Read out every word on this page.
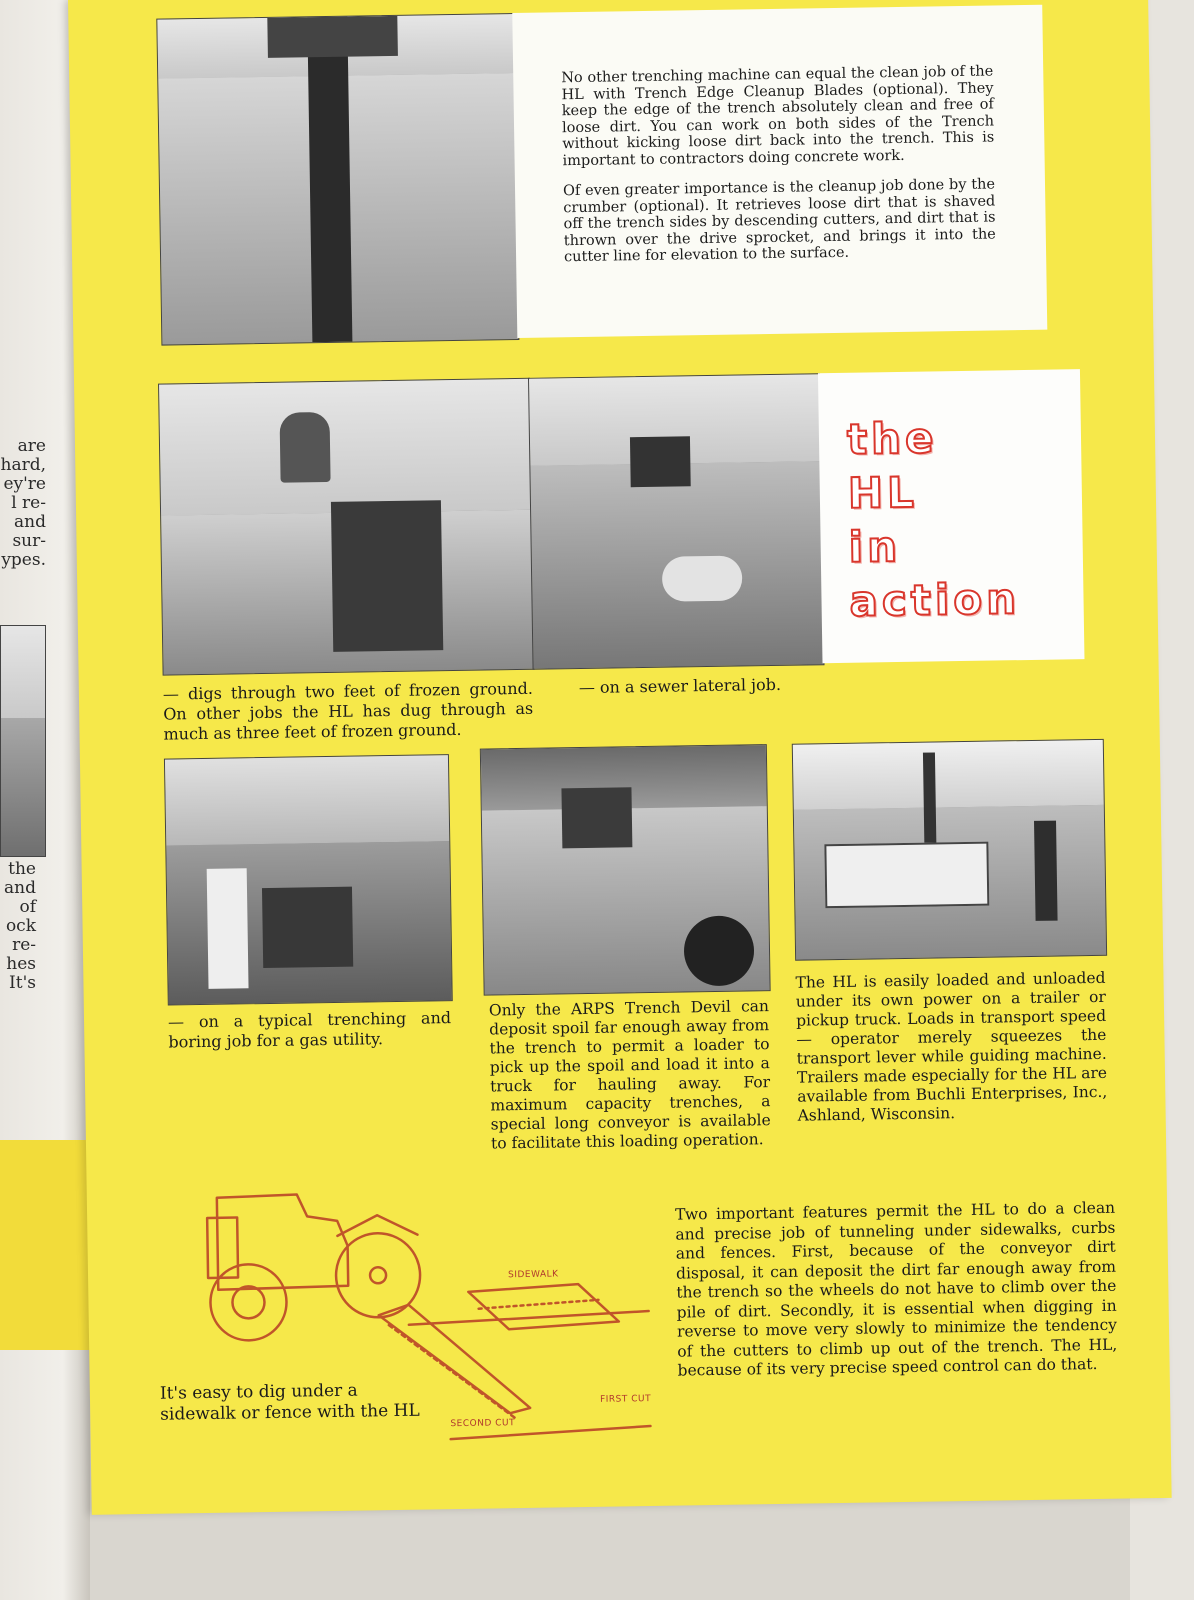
are
hard,
ey're
l re-
and
sur-
ypes.
the
and
of
ock
re-
hes
It's

No other trenching machine can equal the clean job of the HL with Trench Edge Cleanup Blades (optional). They keep the edge of the trench absolutely clean and free of loose dirt. You can work on both sides of the Trench without kicking loose dirt back into the trench. This is important to contractors doing concrete work.

Of even greater importance is the cleanup job done by the crumber (optional). It retrieves loose dirt that is shaved off the trench sides by descending cutters, and dirt that is thrown over the drive sprocket, and brings it into the cutter line for elevation to the surface.

the
HL
in
action
— digs through two feet of frozen ground. On other jobs the HL has dug through as much as three feet of frozen ground.
— on a sewer lateral job.
— on a typical trenching and boring job for a gas utility.
Only the ARPS Trench Devil can deposit spoil far enough away from the trench to permit a loader to pick up the spoil and load it into a truck for hauling away. For maximum capacity trenches, a special long conveyor is available to facilitate this loading operation.
The HL is easily loaded and unloaded under its own power on a trailer or pickup truck. Loads in transport speed — operator merely squeezes the transport lever while guiding machine. Trailers made especially for the HL are available from Buchli Enterprises, Inc., Ashland, Wisconsin.
SIDEWALK
FIRST CUT
SECOND CUT
It's easy to dig under a sidewalk or fence with the HL
Two important features permit the HL to do a clean and precise job of tunneling under sidewalks, curbs and fences. First, because of the conveyor dirt disposal, it can deposit the dirt far enough away from the trench so the wheels do not have to climb over the pile of dirt. Secondly, it is essential when digging in reverse to move very slowly to minimize the tendency of the cutters to climb up out of the trench. The HL, because of its very precise speed control can do that.
